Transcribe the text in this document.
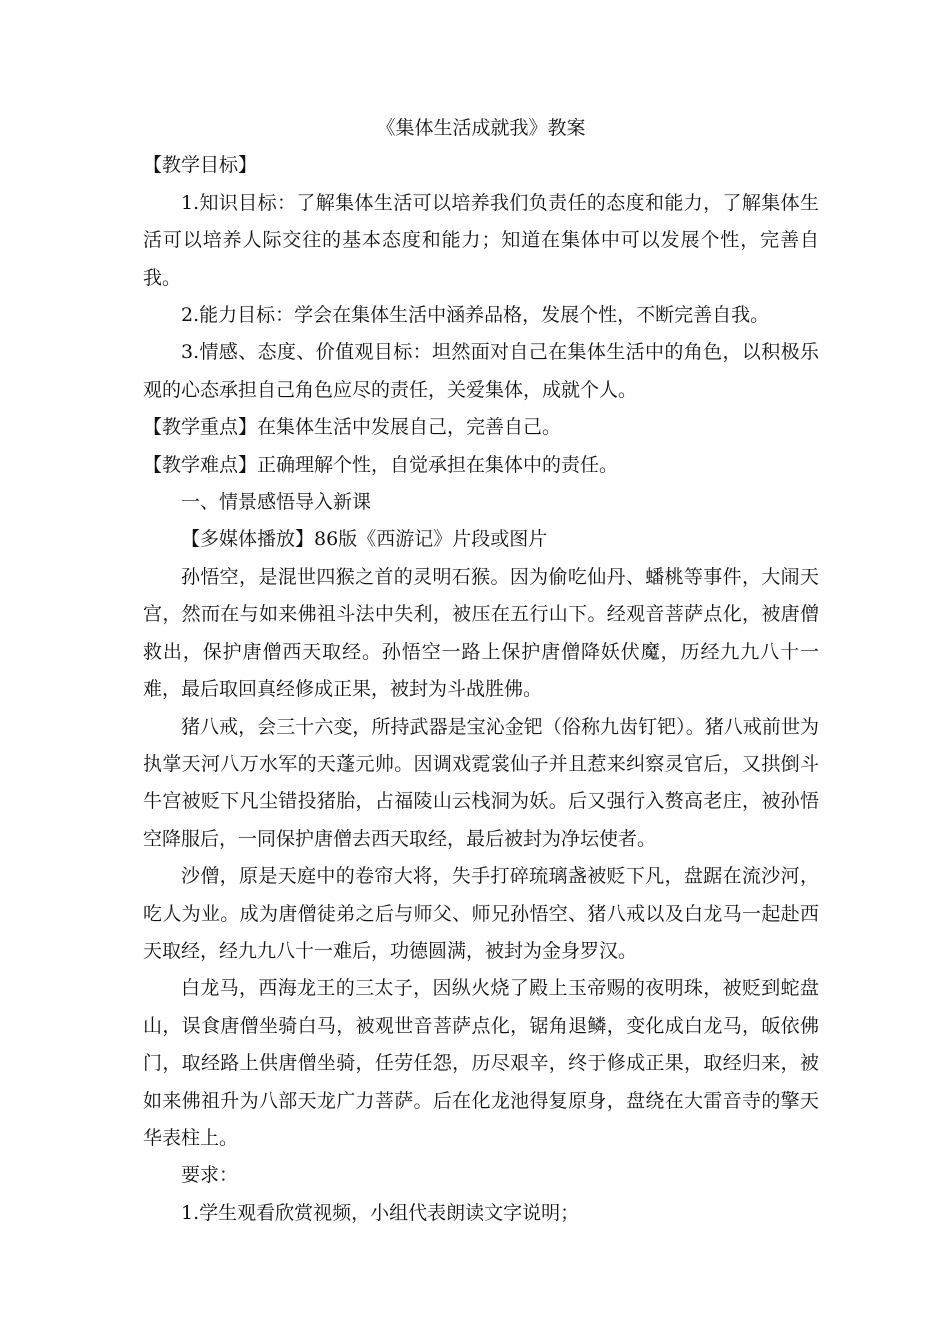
《集体生活成就我》教案

【教学目标】

1.知识目标：了解集体生活可以培养我们负责任的态度和能力，了解集体生活可以培养人际交往的基本态度和能力；知道在集体中可以发展个性，完善自我。

2.能力目标：学会在集体生活中涵养品格，发展个性，不断完善自我。

3.情感、态度、价值观目标：坦然面对自己在集体生活中的角色，以积极乐观的心态承担自己角色应尽的责任，关爱集体，成就个人。

【教学重点】在集体生活中发展自己，完善自己。

【教学难点】正确理解个性，自觉承担在集体中的责任。

一、情景感悟导入新课

【多媒体播放】86版《西游记》片段或图片

孙悟空，是混世四猴之首的灵明石猴。因为偷吃仙丹、蟠桃等事件，大闹天宫，然而在与如来佛祖斗法中失利，被压在五行山下。经观音菩萨点化，被唐僧救出，保护唐僧西天取经。孙悟空一路上保护唐僧降妖伏魔，历经九九八十一难，最后取回真经修成正果，被封为斗战胜佛。

猪八戒，会三十六变，所持武器是宝沁金钯（俗称九齿钉钯）。猪八戒前世为执掌天河八万水军的天蓬元帅。因调戏霓裳仙子并且惹来纠察灵官后，又拱倒斗牛宫被贬下凡尘错投猪胎，占福陵山云栈洞为妖。后又强行入赘高老庄，被孙悟空降服后，一同保护唐僧去西天取经，最后被封为净坛使者。

沙僧，原是天庭中的卷帘大将，失手打碎琉璃盏被贬下凡，盘踞在流沙河，吃人为业。成为唐僧徒弟之后与师父、师兄孙悟空、猪八戒以及白龙马一起赴西天取经，经九九八十一难后，功德圆满，被封为金身罗汉。

白龙马，西海龙王的三太子，因纵火烧了殿上玉帝赐的夜明珠，被贬到蛇盘山，误食唐僧坐骑白马，被观世音菩萨点化，锯角退鳞，变化成白龙马，皈依佛门，取经路上供唐僧坐骑，任劳任怨，历尽艰辛，终于修成正果，取经归来，被如来佛祖升为八部天龙广力菩萨。后在化龙池得复原身，盘绕在大雷音寺的擎天华表柱上。

要求：

1.学生观看欣赏视频，小组代表朗读文字说明；
